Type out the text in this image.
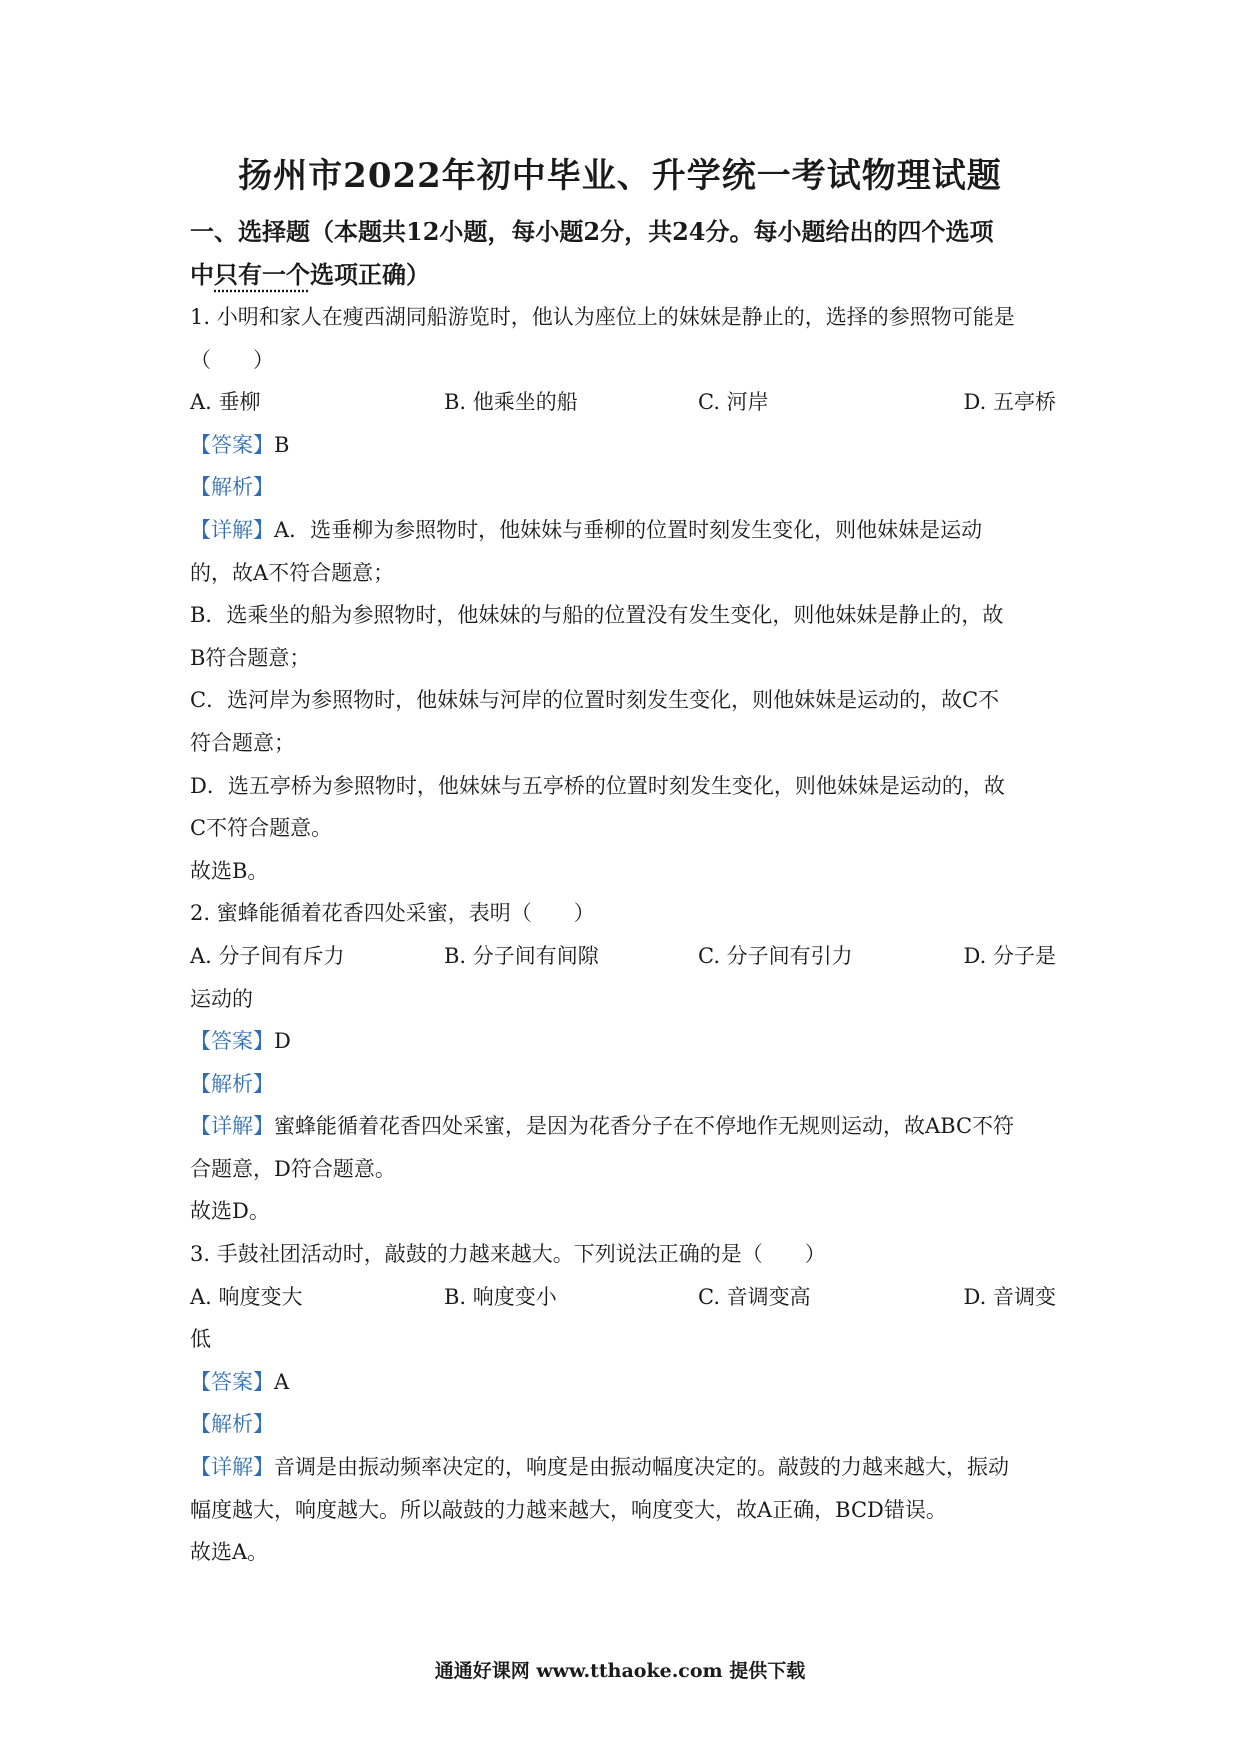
扬州市2022年初中毕业、升学统一考试物理试题
一、选择题（本题共12小题，每小题2分，共24分。每小题给出的四个选项
中只有一个选项正确）
1. 小明和家人在瘦西湖同船游览时，他认为座位上的妹妹是静止的，选择的参照物可能是
（　　）
A. 垂柳	B. 他乘坐的船	C. 河岸	D. 五亭桥
【答案】B
【解析】
【详解】A．选垂柳为参照物时，他妹妹与垂柳的位置时刻发生变化，则他妹妹是运动
的，故A不符合题意；
B．选乘坐的船为参照物时，他妹妹的与船的位置没有发生变化，则他妹妹是静止的，故
B符合题意；
C．选河岸为参照物时，他妹妹与河岸的位置时刻发生变化，则他妹妹是运动的，故C不
符合题意；
D．选五亭桥为参照物时，他妹妹与五亭桥的位置时刻发生变化，则他妹妹是运动的，故
C不符合题意。
故选B。
2. 蜜蜂能循着花香四处采蜜，表明（　　）
A. 分子间有斥力	B. 分子间有间隙	C. 分子间有引力	D. 分子是
运动的
【答案】D
【解析】
【详解】蜜蜂能循着花香四处采蜜，是因为花香分子在不停地作无规则运动，故ABC不符
合题意，D符合题意。
故选D。
3. 手鼓社团活动时，敲鼓的力越来越大。下列说法正确的是（　　）
A. 响度变大	B. 响度变小	C. 音调变高	D. 音调变
低
【答案】A
【解析】
【详解】音调是由振动频率决定的，响度是由振动幅度决定的。敲鼓的力越来越大，振动
幅度越大，响度越大。所以敲鼓的力越来越大，响度变大，故A正确，BCD错误。
故选A。
通通好课网 www.tthaoke.com 提供下载
